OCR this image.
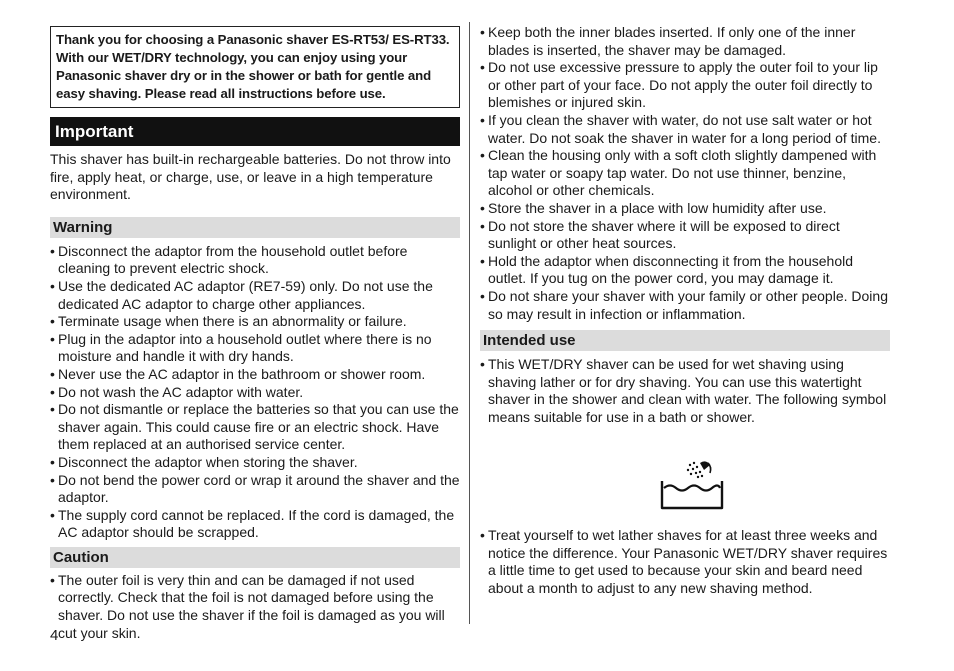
Thank you for choosing a Panasonic shaver ES-RT53/ ES-RT33. With our WET/DRY technology, you can enjoy using your Panasonic shaver dry or in the shower or bath for gentle and easy shaving. Please read all instructions before use.
Important
This shaver has built-in rechargeable batteries. Do not throw into fire, apply heat, or charge, use, or leave in a high temperature environment.
Warning
• Disconnect the adaptor from the household outlet before cleaning to prevent electric shock.
• Use the dedicated AC adaptor (RE7-59) only. Do not use the dedicated AC adaptor to charge other appliances.
• Terminate usage when there is an abnormality or failure.
• Plug in the adaptor into a household outlet where there is no moisture and handle it with dry hands.
• Never use the AC adaptor in the bathroom or shower room.
• Do not wash the AC adaptor with water.
• Do not dismantle or replace the batteries so that you can use the shaver again. This could cause fire or an electric shock. Have them replaced at an authorised service center.
• Disconnect the adaptor when storing the shaver.
• Do not bend the power cord or wrap it around the shaver and the adaptor.
• The supply cord cannot be replaced. If the cord is damaged, the AC adaptor should be scrapped.
Caution
• The outer foil is very thin and can be damaged if not used correctly. Check that the foil is not damaged before using the shaver. Do not use the shaver if the foil is damaged as you will cut your skin.
4
• Keep both the inner blades inserted. If only one of the inner blades is inserted, the shaver may be damaged.
• Do not use excessive pressure to apply the outer foil to your lip or other part of your face. Do not apply the outer foil directly to blemishes or injured skin.
• If you clean the shaver with water, do not use salt water or hot water. Do not soak the shaver in water for a long period of time.
• Clean the housing only with a soft cloth slightly dampened with tap water or soapy tap water. Do not use thinner, benzine, alcohol or other chemicals.
• Store the shaver in a place with low humidity after use.
• Do not store the shaver where it will be exposed to direct sunlight or other heat sources.
• Hold the adaptor when disconnecting it from the household outlet. If you tug on the power cord, you may damage it.
• Do not share your shaver with your family or other people. Doing so may result in infection or inflammation.
Intended use
• This WET/DRY shaver can be used for wet shaving using shaving lather or for dry shaving. You can use this watertight shaver in the shower and clean with water. The following symbol means suitable for use in a bath or shower.
• Treat yourself to wet lather shaves for at least three weeks and notice the difference. Your Panasonic WET/DRY shaver requires a little time to get used to because your skin and beard need about a month to adjust to any new shaving method.
